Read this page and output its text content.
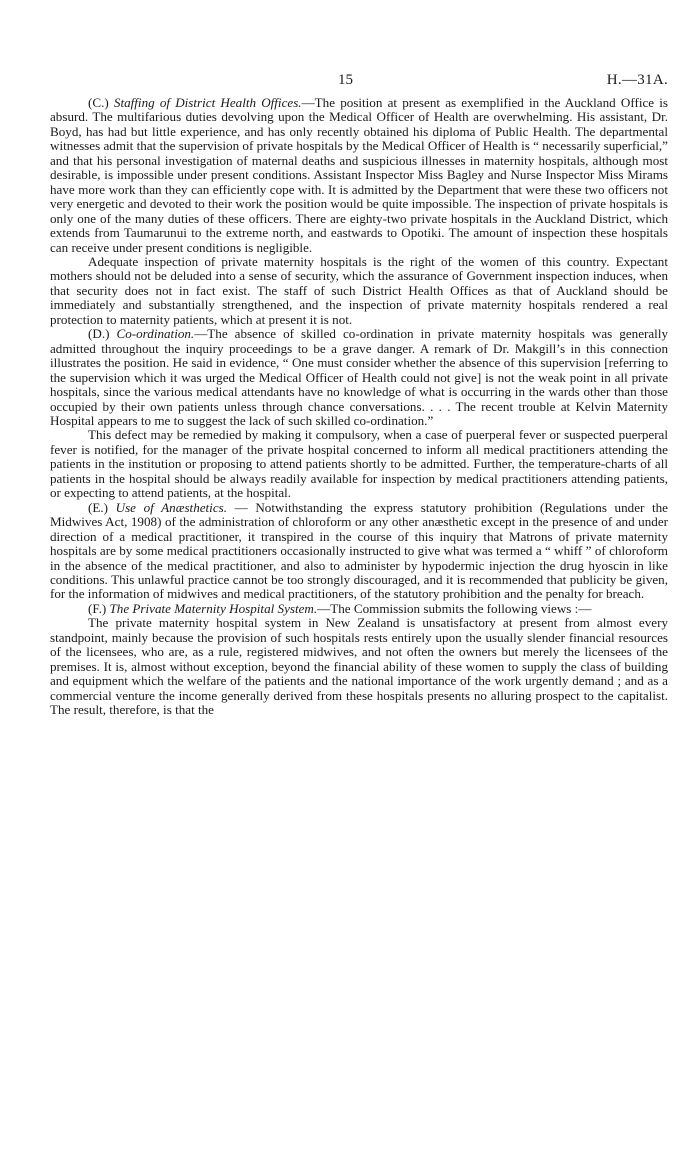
15	H.—31A.

(C.) Staffing of District Health Offices.—The position at present as exemplified in the Auckland Office is absurd. The multifarious duties devolving upon the Medical Officer of Health are overwhelming. His assistant, Dr. Boyd, has had but little experience, and has only recently obtained his diploma of Public Health. The departmental witnesses admit that the supervision of private hospitals by the Medical Officer of Health is “ necessarily superficial,” and that his personal investigation of maternal deaths and suspicious illnesses in maternity hospitals, although most desirable, is impossible under present conditions. Assistant Inspector Miss Bagley and Nurse Inspector Miss Mirams have more work than they can efficiently cope with. It is admitted by the Department that were these two officers not very energetic and devoted to their work the position would be quite impossible. The inspection of private hospitals is only one of the many duties of these officers. There are eighty-two private hospitals in the Auckland District, which extends from Taumarunui to the extreme north, and eastwards to Opotiki. The amount of inspection these hospitals can receive under present conditions is negligible.

Adequate inspection of private maternity hospitals is the right of the women of this country. Expectant mothers should not be deluded into a sense of security, which the assurance of Government inspection induces, when that security does not in fact exist. The staff of such District Health Offices as that of Auckland should be immediately and substantially strengthened, and the inspection of private maternity hospitals rendered a real protection to maternity patients, which at present it is not.

(D.) Co-ordination.—The absence of skilled co-ordination in private maternity hospitals was generally admitted throughout the inquiry proceedings to be a grave danger. A remark of Dr. Makgill’s in this connection illustrates the position. He said in evidence, “ One must consider whether the absence of this supervision [referring to the supervision which it was urged the Medical Officer of Health could not give] is not the weak point in all private hospitals, since the various medical attendants have no knowledge of what is occurring in the wards other than those occupied by their own patients unless through chance conversations. . . . The recent trouble at Kelvin Maternity Hospital appears to me to suggest the lack of such skilled co-ordination.”

This defect may be remedied by making it compulsory, when a case of puerperal fever or suspected puerperal fever is notified, for the manager of the private hospital concerned to inform all medical practitioners attending the patients in the institution or proposing to attend patients shortly to be admitted. Further, the temperature-charts of all patients in the hospital should be always readily available for inspection by medical practitioners attending patients, or expecting to attend patients, at the hospital.

(E.) Use of Anæsthetics. — Notwithstanding the express statutory prohibition (Regulations under the Midwives Act, 1908) of the administration of chloroform or any other anæsthetic except in the presence of and under direction of a medical practitioner, it transpired in the course of this inquiry that Matrons of private maternity hospitals are by some medical practitioners occasionally instructed to give what was termed a “ whiff ” of chloroform in the absence of the medical practitioner, and also to administer by hypodermic injection the drug hyoscin in like conditions. This unlawful practice cannot be too strongly discouraged, and it is recommended that publicity be given, for the information of midwives and medical practitioners, of the statutory prohibition and the penalty for breach.

(F.) The Private Maternity Hospital System.—The Commission submits the following views :—

The private maternity hospital system in New Zealand is unsatisfactory at present from almost every standpoint, mainly because the provision of such hospitals rests entirely upon the usually slender financial resources of the licensees, who are, as a rule, registered midwives, and not often the owners but merely the licensees of the premises. It is, almost without exception, beyond the financial ability of these women to supply the class of building and equipment which the welfare of the patients and the national importance of the work urgently demand ; and as a commercial venture the income generally derived from these hospitals presents no alluring prospect to the capitalist. The result, therefore, is that the
